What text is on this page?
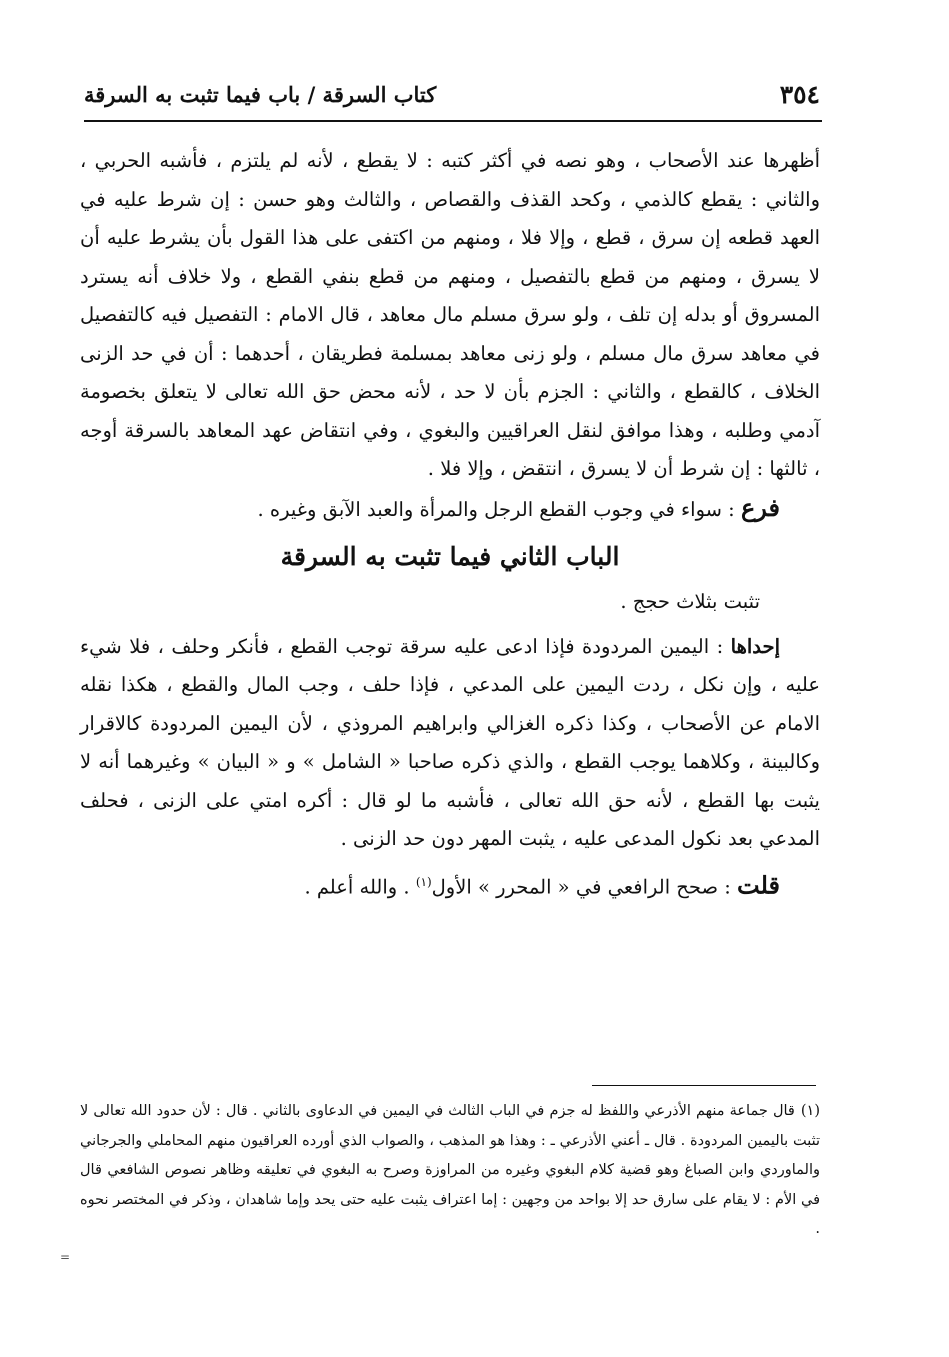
٣٥٤
كتاب السرقة / باب فيما تثبت به السرقة

أظهرها عند الأصحاب ، وهو نصه في أكثر كتبه : لا يقطع ، لأنه لم يلتزم ، فأشبه الحربي ، والثاني : يقطع كالذمي ، وكحد القذف والقصاص ، والثالث وهو حسن : إن شرط عليه في العهد قطعه إن سرق ، قطع ، وإلا فلا ، ومنهم من اكتفى على هذا القول بأن يشرط عليه أن لا يسرق ، ومنهم من قطع بالتفصيل ، ومنهم من قطع بنفي القطع ، ولا خلاف أنه يسترد المسروق أو بدله إن تلف ، ولو سرق مسلم مال معاهد ، قال الامام : التفصيل فيه كالتفصيل في معاهد سرق مال مسلم ، ولو زنى معاهد بمسلمة فطريقان ، أحدهما : أن في حد الزنى الخلاف ، كالقطع ، والثاني : الجزم بأن لا حد ، لأنه محض حق الله تعالى لا يتعلق بخصومة آدمي وطلبه ، وهذا موافق لنقل العراقيين والبغوي ، وفي انتقاض عهد المعاهد بالسرقة أوجه ، ثالثها : إن شرط أن لا يسرق ، انتقض ، وإلا فلا .

فرع : سواء في وجوب القطع الرجل والمرأة والعبد الآبق وغيره .

الباب الثاني فيما تثبت به السرقة

تثبت بثلاث حجج .

إحداها : اليمين المردودة فإذا ادعى عليه سرقة توجب القطع ، فأنكر وحلف ، فلا شيء عليه ، وإن نكل ، ردت اليمين على المدعي ، فإذا حلف ، وجب المال والقطع ، هكذا نقله الامام عن الأصحاب ، وكذا ذكره الغزالي وابراهيم المروذي ، لأن اليمين المردودة كالاقرار وكالبينة ، وكلاهما يوجب القطع ، والذي ذكره صاحبا « الشامل » و « البيان » وغيرهما أنه لا يثبت بها القطع ، لأنه حق الله تعالى ، فأشبه ما لو قال : أكره امتي على الزنى ، فحلف المدعي بعد نكول المدعى عليه ، يثبت المهر دون حد الزنى .

قلت : صحح الرافعي في « المحرر » الأول$^{(١)}$ . والله أعلم .

(١)قال جماعة منهم الأذرعي واللفظ له جزم في الباب الثالث في اليمين في الدعاوى بالثاني . قال : لأن حدود الله تعالى لا تثبت باليمين المردودة . قال ـ أعني الأذرعي ـ : وهذا هو المذهب ، والصواب الذي أورده العراقيون منهم المحاملي والجرجاني والماوردي وابن الصباغ وهو قضية كلام البغوي وغيره من المراوزة وصرح به البغوي في تعليقه وظاهر نصوص الشافعي قال في الأم : لا يقام على سارق حد إلا بواحد من وجهين : إما اعتراف يثبت عليه حتى يحد وإما شاهدان ، وذكر في المختصر نحوه .
=
